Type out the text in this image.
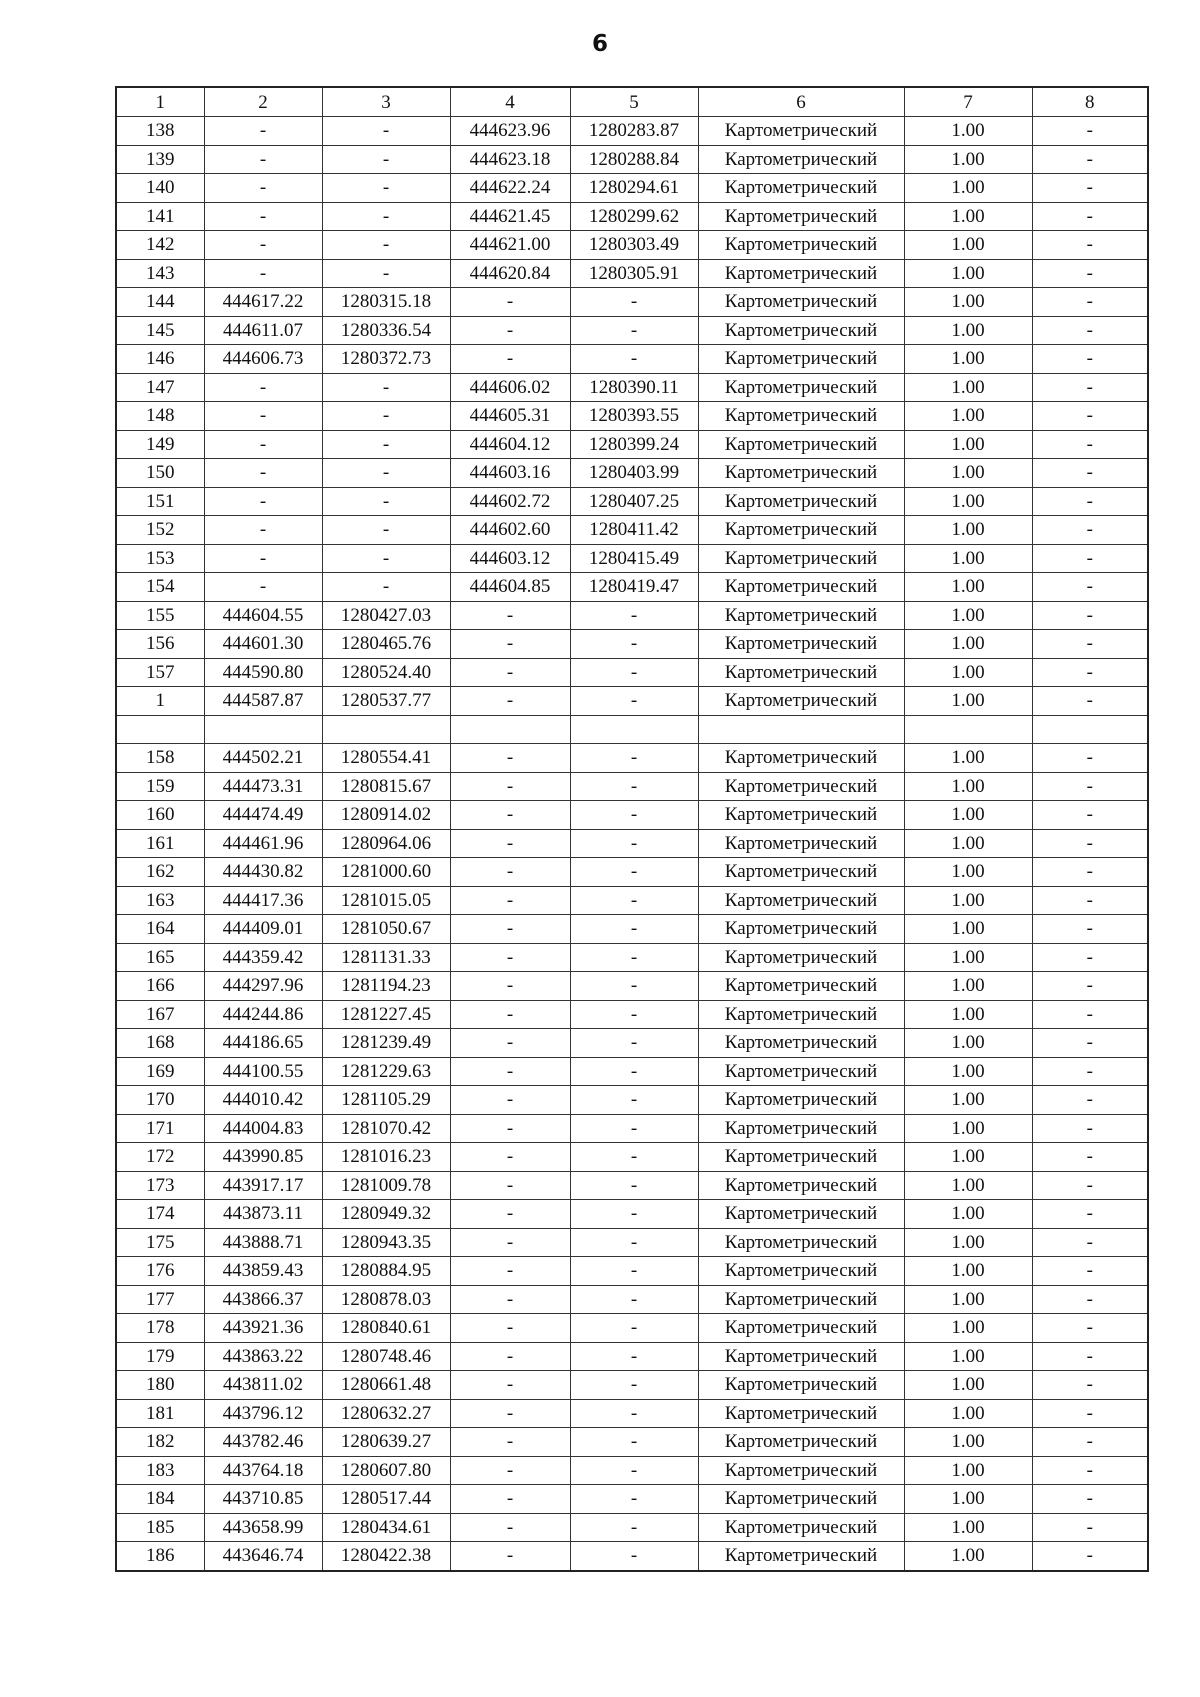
6
1	2	3	4	5	6	7	8
138	-	-	444623.96	1280283.87	Картометрический	1.00	-
139	-	-	444623.18	1280288.84	Картометрический	1.00	-
140	-	-	444622.24	1280294.61	Картометрический	1.00	-
141	-	-	444621.45	1280299.62	Картометрический	1.00	-
142	-	-	444621.00	1280303.49	Картометрический	1.00	-
143	-	-	444620.84	1280305.91	Картометрический	1.00	-
144	444617.22	1280315.18	-	-	Картометрический	1.00	-
145	444611.07	1280336.54	-	-	Картометрический	1.00	-
146	444606.73	1280372.73	-	-	Картометрический	1.00	-
147	-	-	444606.02	1280390.11	Картометрический	1.00	-
148	-	-	444605.31	1280393.55	Картометрический	1.00	-
149	-	-	444604.12	1280399.24	Картометрический	1.00	-
150	-	-	444603.16	1280403.99	Картометрический	1.00	-
151	-	-	444602.72	1280407.25	Картометрический	1.00	-
152	-	-	444602.60	1280411.42	Картометрический	1.00	-
153	-	-	444603.12	1280415.49	Картометрический	1.00	-
154	-	-	444604.85	1280419.47	Картометрический	1.00	-
155	444604.55	1280427.03	-	-	Картометрический	1.00	-
156	444601.30	1280465.76	-	-	Картометрический	1.00	-
157	444590.80	1280524.40	-	-	Картометрический	1.00	-
1	444587.87	1280537.77	-	-	Картометрический	1.00	-

158	444502.21	1280554.41	-	-	Картометрический	1.00	-
159	444473.31	1280815.67	-	-	Картометрический	1.00	-
160	444474.49	1280914.02	-	-	Картометрический	1.00	-
161	444461.96	1280964.06	-	-	Картометрический	1.00	-
162	444430.82	1281000.60	-	-	Картометрический	1.00	-
163	444417.36	1281015.05	-	-	Картометрический	1.00	-
164	444409.01	1281050.67	-	-	Картометрический	1.00	-
165	444359.42	1281131.33	-	-	Картометрический	1.00	-
166	444297.96	1281194.23	-	-	Картометрический	1.00	-
167	444244.86	1281227.45	-	-	Картометрический	1.00	-
168	444186.65	1281239.49	-	-	Картометрический	1.00	-
169	444100.55	1281229.63	-	-	Картометрический	1.00	-
170	444010.42	1281105.29	-	-	Картометрический	1.00	-
171	444004.83	1281070.42	-	-	Картометрический	1.00	-
172	443990.85	1281016.23	-	-	Картометрический	1.00	-
173	443917.17	1281009.78	-	-	Картометрический	1.00	-
174	443873.11	1280949.32	-	-	Картометрический	1.00	-
175	443888.71	1280943.35	-	-	Картометрический	1.00	-
176	443859.43	1280884.95	-	-	Картометрический	1.00	-
177	443866.37	1280878.03	-	-	Картометрический	1.00	-
178	443921.36	1280840.61	-	-	Картометрический	1.00	-
179	443863.22	1280748.46	-	-	Картометрический	1.00	-
180	443811.02	1280661.48	-	-	Картометрический	1.00	-
181	443796.12	1280632.27	-	-	Картометрический	1.00	-
182	443782.46	1280639.27	-	-	Картометрический	1.00	-
183	443764.18	1280607.80	-	-	Картометрический	1.00	-
184	443710.85	1280517.44	-	-	Картометрический	1.00	-
185	443658.99	1280434.61	-	-	Картометрический	1.00	-
186	443646.74	1280422.38	-	-	Картометрический	1.00	-
